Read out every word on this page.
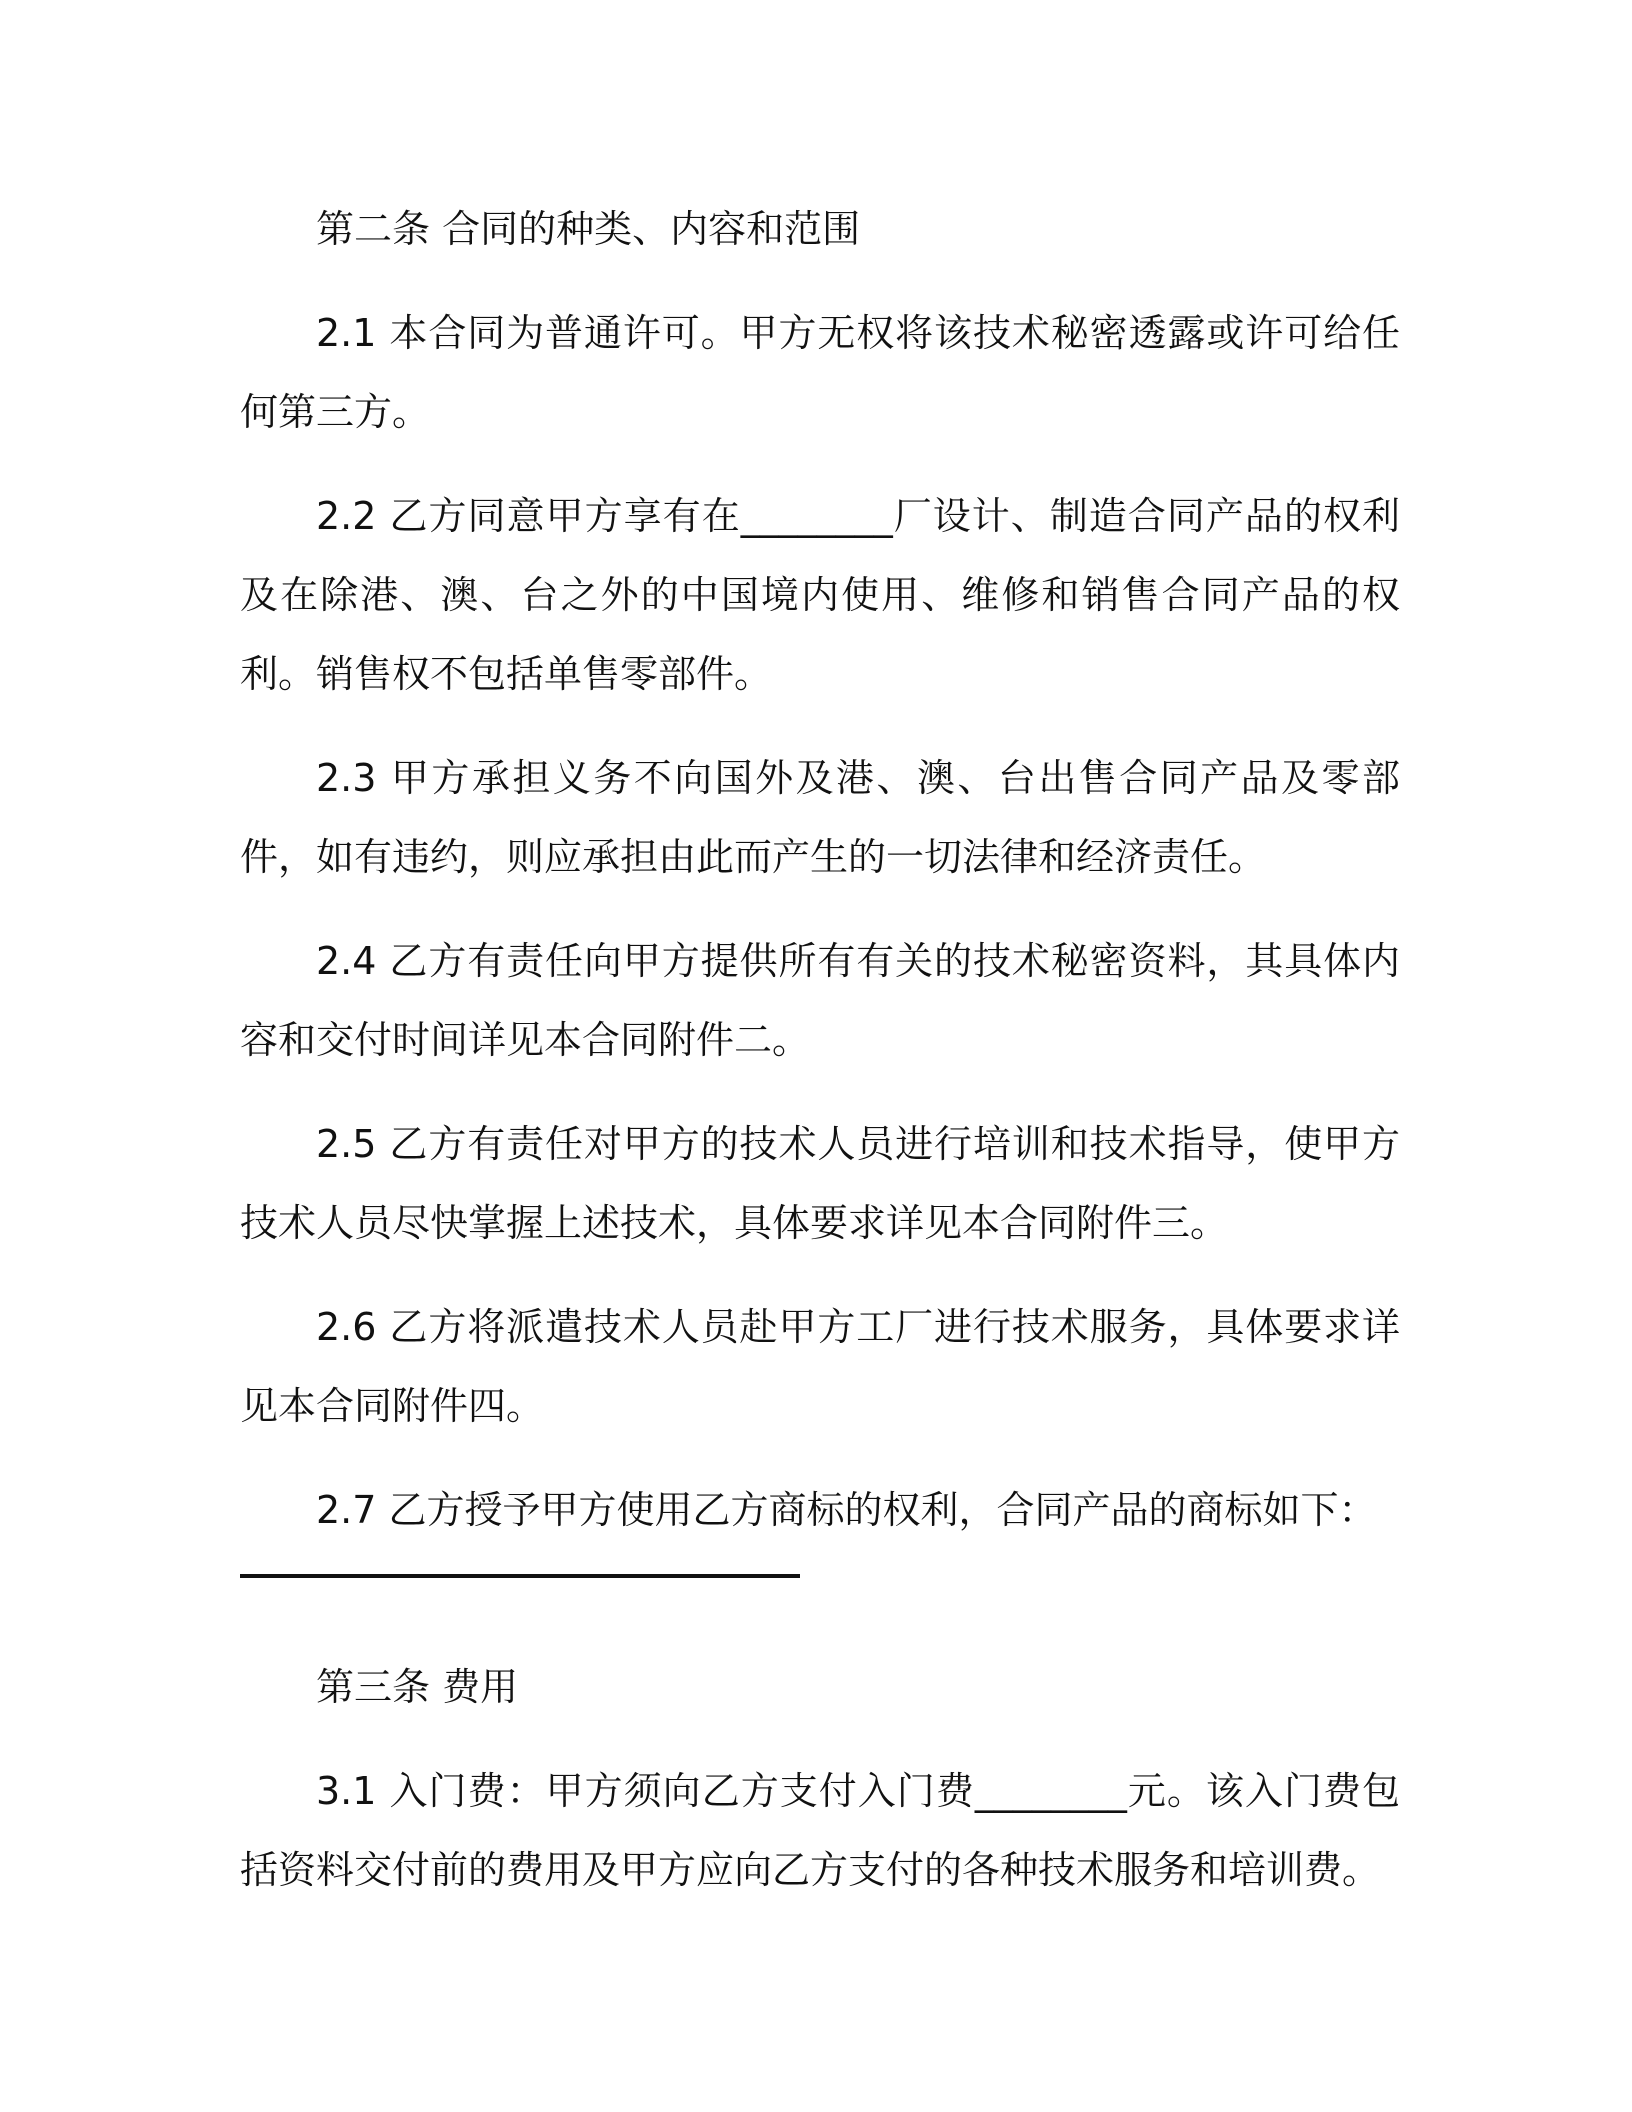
第二条 合同的种类、内容和范围
2.1 本合同为普通许可。甲方无权将该技术秘密透露或许可给任何第三方。
2.2 乙方同意甲方享有在________厂设计、制造合同产品的权利及在除港、澳、台之外的中国境内使用、维修和销售合同产品的权利。销售权不包括单售零部件。
2.3 甲方承担义务不向国外及港、澳、台出售合同产品及零部件，如有违约，则应承担由此而产生的一切法律和经济责任。
2.4 乙方有责任向甲方提供所有有关的技术秘密资料，其具体内容和交付时间详见本合同附件二。
2.5 乙方有责任对甲方的技术人员进行培训和技术指导，使甲方技术人员尽快掌握上述技术，具体要求详见本合同附件三。
2.6 乙方将派遣技术人员赴甲方工厂进行技术服务，具体要求详见本合同附件四。
2.7 乙方授予甲方使用乙方商标的权利，合同产品的商标如下：
第三条 费用
3.1 入门费：甲方须向乙方支付入门费________元。该入门费包括资料交付前的费用及甲方应向乙方支付的各种技术服务和培训费。
